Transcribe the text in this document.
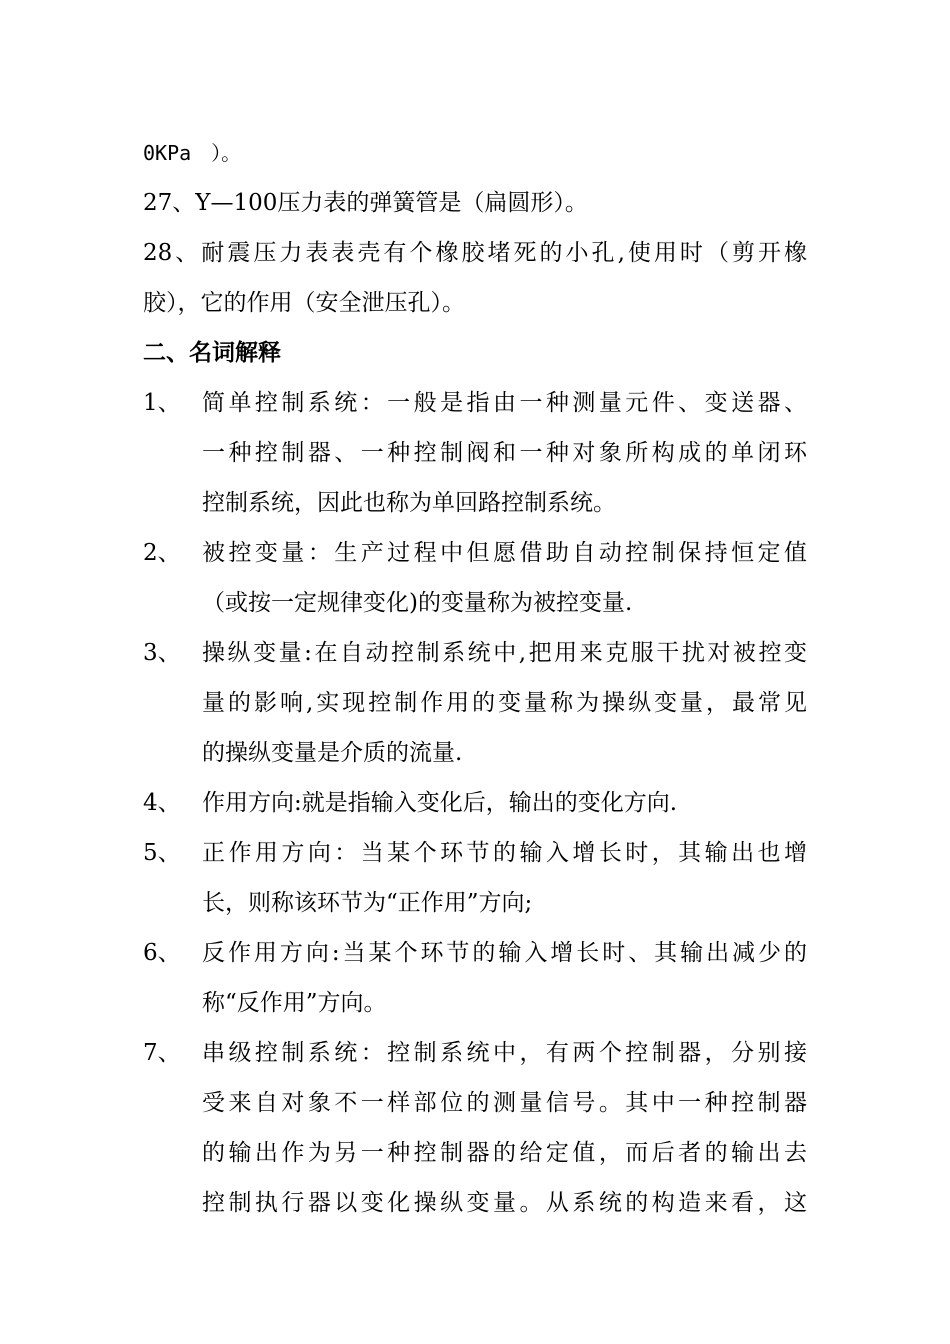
0KPa　）。
27、Y—100压力表的弹簧管是（扁圆形）。
28、耐震压力表表壳有个橡胶堵死的小孔,使用时（剪开橡
胶），它的作用（安全泄压孔）。
二、名词解释
1、 简单控制系统：一般是指由一种测量元件、变送器、
一种控制器、一种控制阀和一种对象所构成的单闭环
控制系统，因此也称为单回路控制系统。
2、 被控变量：生产过程中但愿借助自动控制保持恒定值
（或按一定规律变化)的变量称为被控变量.
3、 操纵变量:在自动控制系统中,把用来克服干扰对被控变
量的影响,实现控制作用的变量称为操纵变量，最常见
的操纵变量是介质的流量.
4、 作用方向:就是指输入变化后，输出的变化方向.
5、 正作用方向：当某个环节的输入增长时，其输出也增
长，则称该环节为“正作用”方向;
6、 反作用方向:当某个环节的输入增长时、其输出减少的
称“反作用”方向。
7、 串级控制系统：控制系统中，有两个控制器，分别接
受来自对象不一样部位的测量信号。其中一种控制器
的输出作为另一种控制器的给定值，而后者的输出去
控制执行器以变化操纵变量。从系统的构造来看，这
